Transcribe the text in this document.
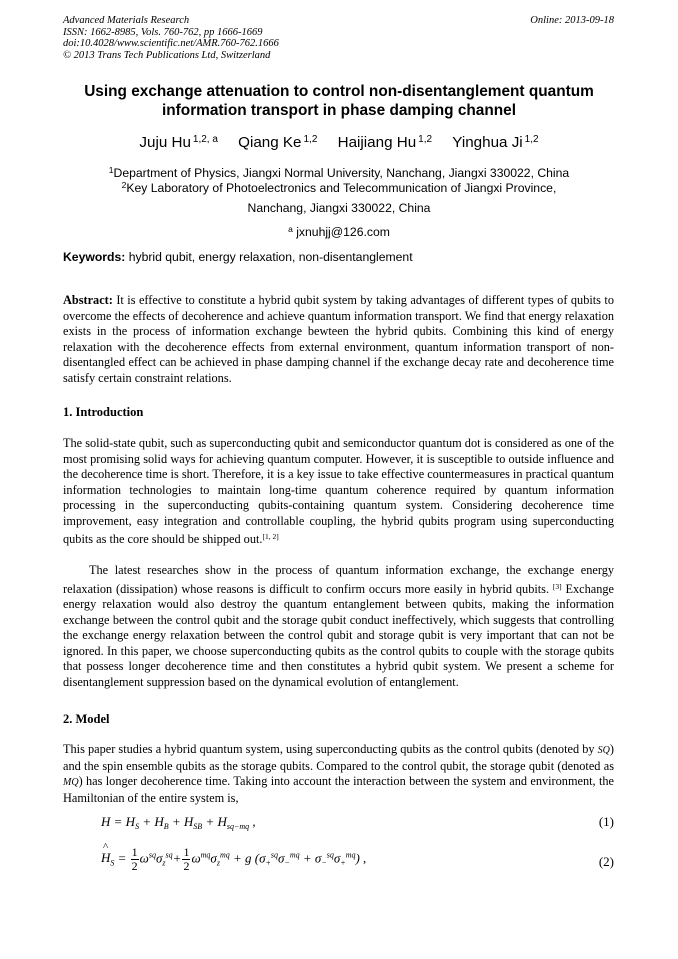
Advanced Materials Research
ISSN: 1662-8985, Vols. 760-762, pp 1666-1669
doi:10.4028/www.scientific.net/AMR.760-762.1666
© 2013 Trans Tech Publications Ltd, Switzerland
Online: 2013-09-18
Using exchange attenuation to control non-disentanglement quantum
information transport in phase damping channel
Juju Hu $^{1,2, a}$ Qiang Ke $^{1,2}$ Haijiang Hu $^{1,2}$ Yinghua Ji $^{1,2}$
$^1$Department of Physics, Jiangxi Normal University, Nanchang, Jiangxi 330022, China
$^2$Key Laboratory of Photoelectronics and Telecommunication of Jiangxi Province,
Nanchang, Jiangxi 330022, China
$^a$ jxnuhjj@126.com
Keywords: hybrid qubit, energy relaxation, non-disentanglement
Abstract: It is effective to constitute a hybrid qubit system by taking advantages of different types of qubits to overcome the effects of decoherence and achieve quantum information transport. We find that energy relaxation exists in the process of information exchange bewteen the hybrid qubits. Combining this kind of energy relaxation with the decoherence effects from external environment, quantum information transport of non-disentangled effect can be achieved in phase damping channel if the exchange decay rate and decoherence time satisfy certain constraint relations.
1. Introduction
The solid-state qubit, such as superconducting qubit and semiconductor quantum dot is considered as one of the most promising solid ways for achieving quantum computer. However, it is susceptible to outside influence and the decoherence time is short. Therefore, it is a key issue to take effective countermeasures in practical quantum information technologies to maintain long-time quantum coherence required by quantum information processing in the superconducting qubits-containing quantum system. Considering decoherence time improvement, easy integration and controllable coupling, the hybrid qubits program using superconducting qubits as the core should be shipped out.[1, 2]
The latest researches show in the process of quantum information exchange, the exchange energy relaxation (dissipation) whose reasons is difficult to confirm occurs more easily in hybrid qubits. [3] Exchange energy relaxation would also destroy the quantum entanglement between qubits, making the information exchange between the control qubit and the storage qubit conduct ineffectively, which suggests that controlling the exchange energy relaxation between the control qubit and storage qubit is very important that can not be ignored. In this paper, we choose superconducting qubits as the control qubits to couple with the storage qubits that possess longer decoherence time and then constitutes a hybrid qubit system. We present a scheme for disentanglement suppression based on the dynamical evolution of entanglement.
2. Model
This paper studies a hybrid quantum system, using superconducting qubits as the control qubits (denoted by SQ) and the spin ensemble qubits as the storage qubits. Compared to the control qubit, the storage qubit (denoted as MQ) has longer decoherence time. Taking into account the interaction between the system and environment, the Hamiltonian of the entire system is,
$H = H_S + H_B + H_{SB} + H_{sq-mq}$ ,	(1)
^ $H_S = \frac{1}{2} \omega^{sq}\sigma_z^{sq}+ \frac{1}{2} \omega^{mq}\sigma_z^{mq} + g$ $(\sigma_+^{sq}\sigma_-^{mq} + \sigma_-^{sq}\sigma_+^{mq})$ ,	(2)
